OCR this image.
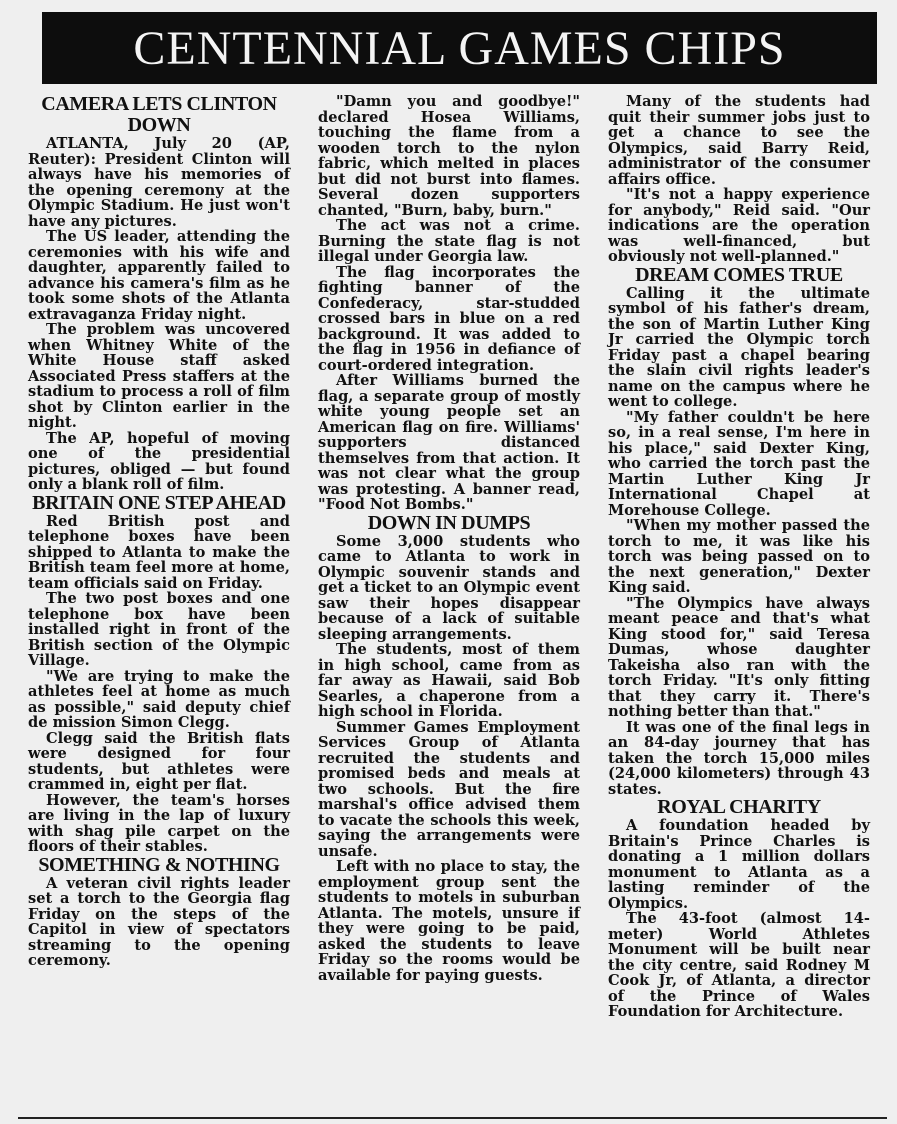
CENTENNIAL GAMES CHIPS
CAMERA LETS CLINTON DOWN

ATLANTA, July 20 (AP, Reuter): President Clinton will always have his memories of the opening ceremony at the Olympic Stadium. He just won't have any pictures.

The US leader, attending the ceremonies with his wife and daughter, apparently failed to advance his camera's film as he took some shots of the Atlanta extravaganza Friday night.

The problem was uncovered when Whitney White of the White House staff asked Associated Press staffers at the stadium to process a roll of film shot by Clinton earlier in the night.

The AP, hopeful of moving one of the presidential pictures, obliged — but found only a blank roll of film.

BRITAIN ONE STEP AHEAD

Red British post and telephone boxes have been shipped to Atlanta to make the British team feel more at home, team officials said on Friday.

The two post boxes and one telephone box have been installed right in front of the British section of the Olympic Village.

"We are trying to make the athletes feel at home as much as possible," said deputy chief de mission Simon Clegg.

Clegg said the British flats were designed for four students, but athletes were crammed in, eight per flat.

However, the team's horses are living in the lap of luxury with shag pile carpet on the floors of their stables.

SOMETHING & NOTHING

A veteran civil rights leader set a torch to the Georgia flag Friday on the steps of the Capitol in view of spectators streaming to the opening ceremony.

"Damn you and goodbye!" declared Hosea Williams, touching the flame from a wooden torch to the nylon fabric, which melted in places but did not burst into flames. Several dozen supporters chanted, "Burn, baby, burn."

The act was not a crime. Burning the state flag is not illegal under Georgia law.

The flag incorporates the fighting banner of the Confederacy, star-studded crossed bars in blue on a red background. It was added to the flag in 1956 in defiance of court-ordered integration.

After Williams burned the flag, a separate group of mostly white young people set an American flag on fire. Williams' supporters distanced themselves from that action. It was not clear what the group was protesting. A banner read, "Food Not Bombs."

DOWN IN DUMPS

Some 3,000 students who came to Atlanta to work in Olympic souvenir stands and get a ticket to an Olympic event saw their hopes disappear because of a lack of suitable sleeping arrangements.

The students, most of them in high school, came from as far away as Hawaii, said Bob Searles, a chaperone from a high school in Florida.

Summer Games Employment Services Group of Atlanta recruited the students and promised beds and meals at two schools. But the fire marshal's office advised them to vacate the schools this week, saying the arrangements were unsafe.

Left with no place to stay, the employment group sent the students to motels in suburban Atlanta. The motels, unsure if they were going to be paid, asked the students to leave Friday so the rooms would be available for paying guests.

Many of the students had quit their summer jobs just to get a chance to see the Olympics, said Barry Reid, administrator of the consumer affairs office.

"It's not a happy experience for anybody," Reid said. "Our indications are the operation was well-financed, but obviously not well-planned."

DREAM COMES TRUE

Calling it the ultimate symbol of his father's dream, the son of Martin Luther King Jr carried the Olympic torch Friday past a chapel bearing the slain civil rights leader's name on the campus where he went to college.

"My father couldn't be here so, in a real sense, I'm here in his place," said Dexter King, who carried the torch past the Martin Luther King Jr International Chapel at Morehouse College.

"When my mother passed the torch to me, it was like his torch was being passed on to the next generation," Dexter King said.

"The Olympics have always meant peace and that's what King stood for," said Teresa Dumas, whose daughter Takeisha also ran with the torch Friday. "It's only fitting that they carry it. There's nothing better than that."

It was one of the final legs in an 84-day journey that has taken the torch 15,000 miles (24,000 kilometers) through 43 states.

ROYAL CHARITY

A foundation headed by Britain's Prince Charles is donating a 1 million dollars monument to Atlanta as a lasting reminder of the Olympics.

The 43-foot (almost 14-meter) World Athletes Monument will be built near the city centre, said Rodney M Cook Jr, of Atlanta, a director of the Prince of Wales Foundation for Architecture.
